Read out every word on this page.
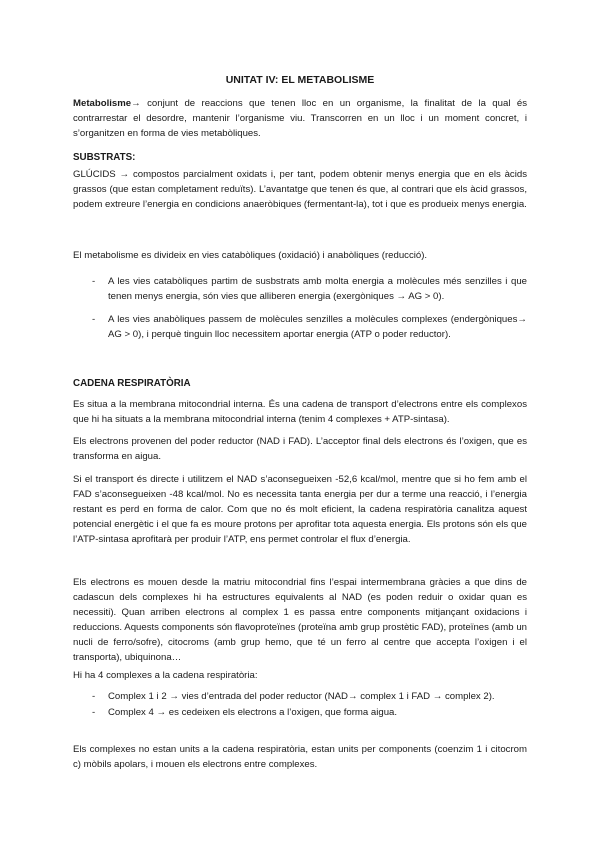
UNITAT IV: EL METABOLISME

Metabolisme→ conjunt de reaccions que tenen lloc en un organisme, la finalitat de la qual és contrarrestar el desordre, mantenir l’organisme viu. Transcorren en un lloc i un moment concret, i s’organitzen en forma de vies metabòliques.

SUBSTRATS:

GLÚCIDS → compostos parcialment oxidats i, per tant, podem obtenir menys energia que en els àcids grassos (que estan completament reduïts). L’avantatge que tenen és que, al contrari que els àcid grassos, podem extreure l’energia en condicions anaeròbiques (fermentant-la), tot i que es produeix menys energia.

El metabolisme es divideix en vies catabòliques (oxidació) i anabòliques (reducció).

-	A les vies catabòliques partim de susbstrats amb molta energia a molècules més senzilles i que tenen menys energia, són vies que alliberen energia (exergòniques → AG > 0).

-	A les vies anabòliques passem de molècules senzilles a molècules complexes (endergòniques→ AG > 0), i perquè tinguin lloc necessitem aportar energia (ATP o poder reductor).

CADENA RESPIRATÒRIA

Es situa a la membrana mitocondrial interna. És una cadena de transport d’electrons entre els complexos que hi ha situats a la membrana mitocondrial interna (tenim 4 complexes + ATP-sintasa).

Els electrons provenen del poder reductor (NAD i FAD). L’acceptor final dels electrons és l’oxigen, que es transforma en aigua.

Si el transport és directe i utilitzem el NAD s’aconsegueixen -52,6 kcal/mol, mentre que si ho fem amb el FAD s’aconsegueixen -48 kcal/mol. No es necessita tanta energia per dur a terme una reacció, i l’energia restant es perd en forma de calor. Com que no és molt eficient, la cadena respiratòria canalitza aquest potencial energètic i el que fa es moure protons per aprofitar tota aquesta energia. Els protons són els que l’ATP-sintasa aprofitarà per produir l’ATP, ens permet controlar el flux d’energia.

Els electrons es mouen desde la matriu mitocondrial fins l’espai intermembrana gràcies a que dins de cadascun dels complexes hi ha estructures equivalents al NAD (es poden reduir o oxidar quan es necessiti). Quan arriben electrons al complex 1 es passa entre components mitjançant oxidacions i reduccions. Aquests components són flavoproteïnes (proteïna amb grup prostètic FAD), proteïnes (amb un nucli de ferro/sofre), citocroms (amb grup hemo, que té un ferro al centre que accepta l’oxigen i el transporta), ubiquinona…

Hi ha 4 complexes a la cadena respiratòria:

-	Complex 1 i 2 → vies d’entrada del poder reductor (NAD→ complex 1 i FAD → complex 2).

-	Complex 4 → es cedeixen els electrons a l’oxigen, que forma aigua.

Els complexes no estan units a la cadena respiratòria, estan units per components (coenzim 1 i citocrom c) mòbils apolars, i mouen els electrons entre complexes.
